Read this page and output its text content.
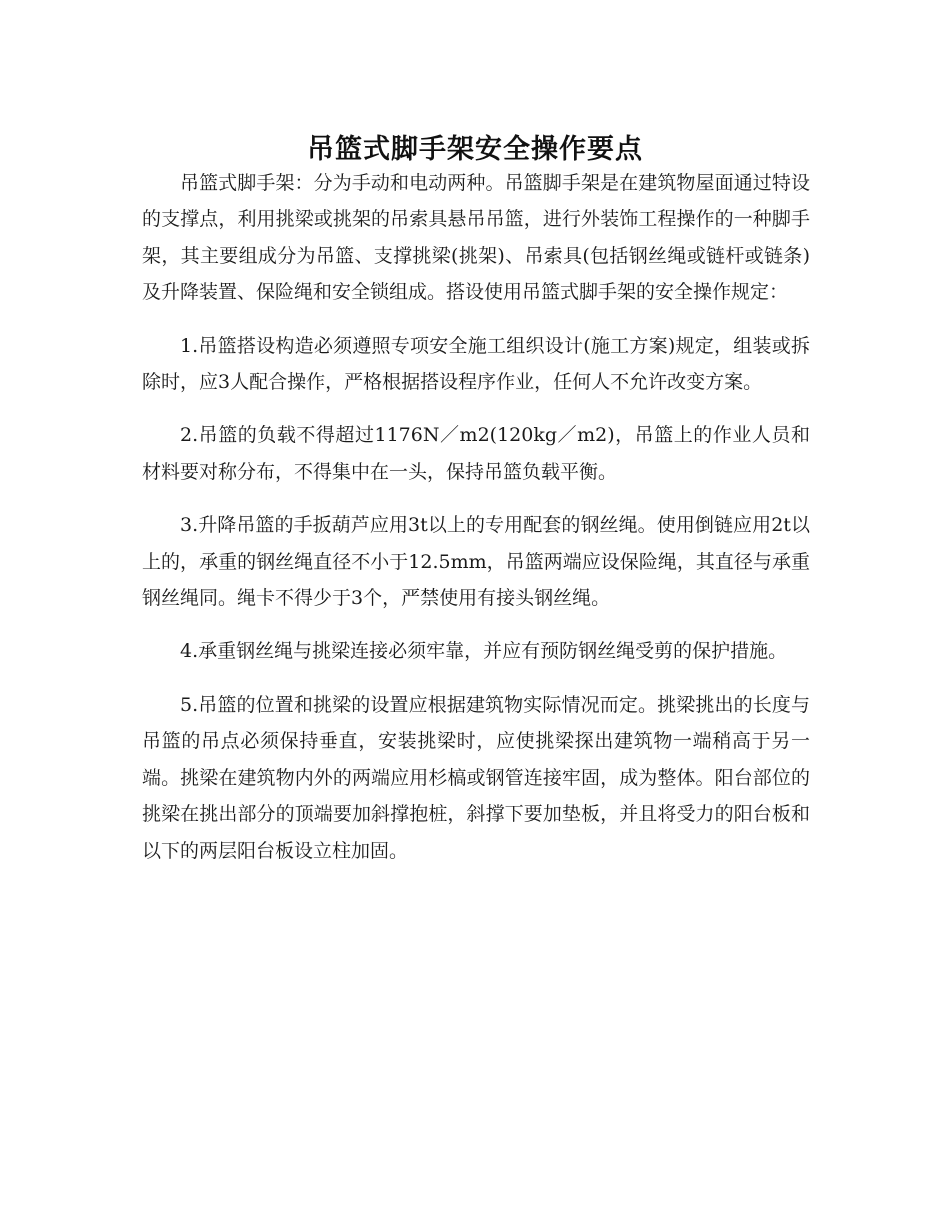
吊篮式脚手架安全操作要点

吊篮式脚手架：分为手动和电动两种。吊篮脚手架是在建筑物屋面通过特设的支撑点，利用挑梁或挑架的吊索具悬吊吊篮，进行外装饰工程操作的一种脚手架，其主要组成分为吊篮、支撑挑梁(挑架)、吊索具(包括钢丝绳或链杆或链条)及升降装置、保险绳和安全锁组成。搭设使用吊篮式脚手架的安全操作规定：

1.吊篮搭设构造必须遵照专项安全施工组织设计(施工方案)规定，组装或拆除时，应3人配合操作，严格根据搭设程序作业，任何人不允许改变方案。

2.吊篮的负载不得超过1176N／m2(120kg／m2)，吊篮上的作业人员和材料要对称分布，不得集中在一头，保持吊篮负载平衡。

3.升降吊篮的手扳葫芦应用3t以上的专用配套的钢丝绳。使用倒链应用2t以上的，承重的钢丝绳直径不小于12.5mm，吊篮两端应设保险绳，其直径与承重钢丝绳同。绳卡不得少于3个，严禁使用有接头钢丝绳。

4.承重钢丝绳与挑梁连接必须牢靠，并应有预防钢丝绳受剪的保护措施。

5.吊篮的位置和挑梁的设置应根据建筑物实际情况而定。挑梁挑出的长度与吊篮的吊点必须保持垂直，安装挑梁时，应使挑梁探出建筑物一端稍高于另一端。挑梁在建筑物内外的两端应用杉槁或钢管连接牢固，成为整体。阳台部位的挑梁在挑出部分的顶端要加斜撑抱桩，斜撑下要加垫板，并且将受力的阳台板和以下的两层阳台板设立柱加固。
